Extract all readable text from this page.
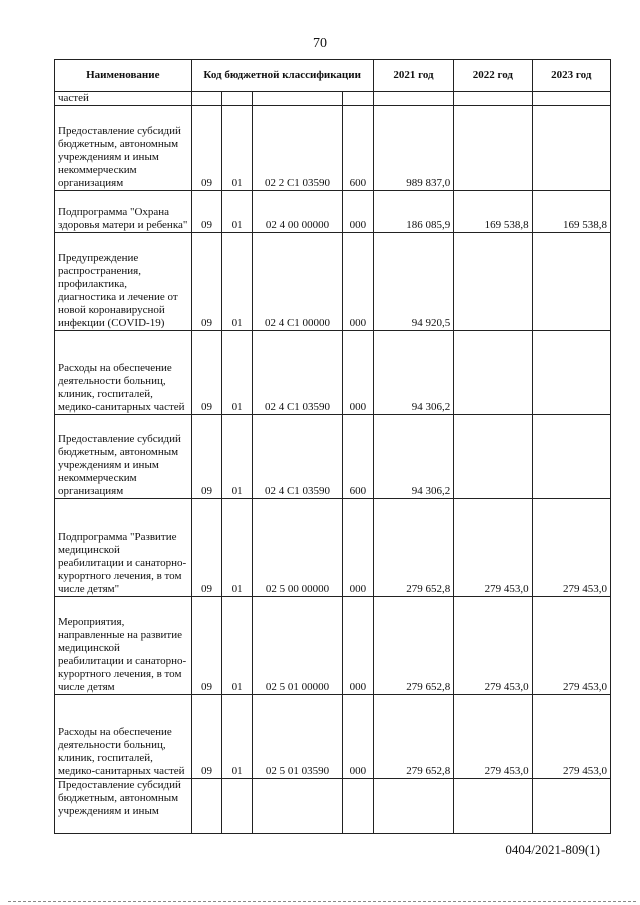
70
Наименование	Код бюджетной классификации				2021 год	2022 год	2023 год
частей							
Предоставление субсидий бюджетным, автономным учреждениям и иным некоммерческим организациям	09	01	02 2 C1 03590	600	989 837,0		
Подпрограмма "Охрана здоровья матери и ребенка"	09	01	02 4 00 00000	000	186 085,9	169 538,8	169 538,8
Предупреждение распространения, профилактика, диагностика и лечение от новой коронавирусной инфекции (COVID-19)	09	01	02 4 C1 00000	000	94 920,5		
Расходы на обеспечение деятельности больниц, клиник, госпиталей, медико-санитарных частей	09	01	02 4 C1 03590	000	94 306,2		
Предоставление субсидий бюджетным, автономным учреждениям и иным некоммерческим организациям	09	01	02 4 C1 03590	600	94 306,2		
Подпрограмма "Развитие медицинской реабилитации и санаторно-курортного лечения, в том числе детям"	09	01	02 5 00 00000	000	279 652,8	279 453,0	279 453,0
Мероприятия, направленные на развитие медицинской реабилитации и санаторно-курортного лечения, в том числе детям	09	01	02 5 01 00000	000	279 652,8	279 453,0	279 453,0
Расходы на обеспечение деятельности больниц, клиник, госпиталей, медико-санитарных частей	09	01	02 5 01 03590	000	279 652,8	279 453,0	279 453,0
Предоставление субсидий бюджетным, автономным учреждениям и иным							
0404/2021-809(1)
